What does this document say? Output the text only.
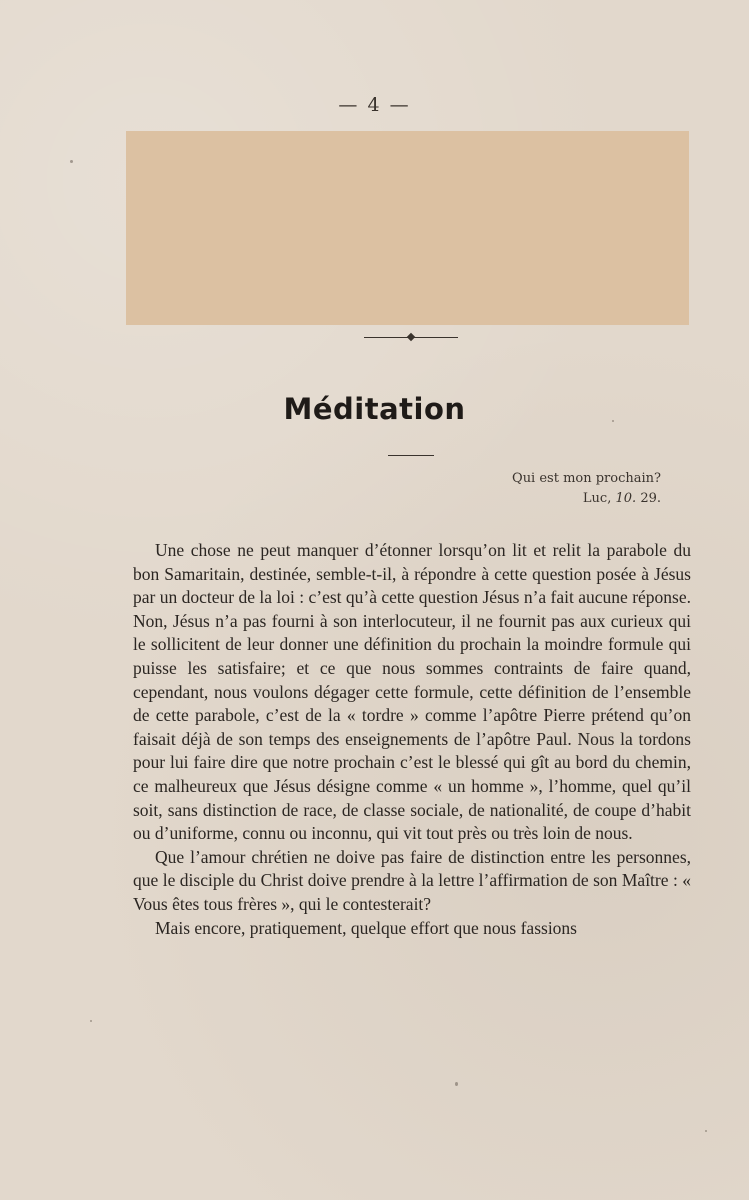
— 4 —
Méditation
Qui est mon prochain?
Luc, 10. 29.

Une chose ne peut manquer d’étonner lorsqu’on lit et relit la parabole du bon Samaritain, destinée, semble-t-il, à répondre à cette question posée à Jésus par un docteur de la loi : c’est qu’à cette question Jésus n’a fait aucune réponse. Non, Jésus n’a pas fourni à son interlocuteur, il ne fournit pas aux curieux qui le sollicitent de leur donner une définition du prochain la moindre formule qui puisse les satisfaire; et ce que nous sommes contraints de faire quand, cependant, nous voulons dégager cette formule, cette définition de l’ensemble de cette parabole, c’est de la « tordre » comme l’apôtre Pierre prétend qu’on faisait déjà de son temps des enseignements de l’apôtre Paul. Nous la tordons pour lui faire dire que notre prochain c’est le blessé qui gît au bord du chemin, ce malheureux que Jésus désigne comme « un homme », l’homme, quel qu’il soit, sans distinction de race, de classe sociale, de nationalité, de coupe d’habit ou d’uniforme, connu ou inconnu, qui vit tout près ou très loin de nous.

Que l’amour chrétien ne doive pas faire de distinction entre les personnes, que le disciple du Christ doive prendre à la lettre l’affirmation de son Maître : « Vous êtes tous frères », qui le contesterait?

Mais encore, pratiquement, quelque effort que nous fassions
